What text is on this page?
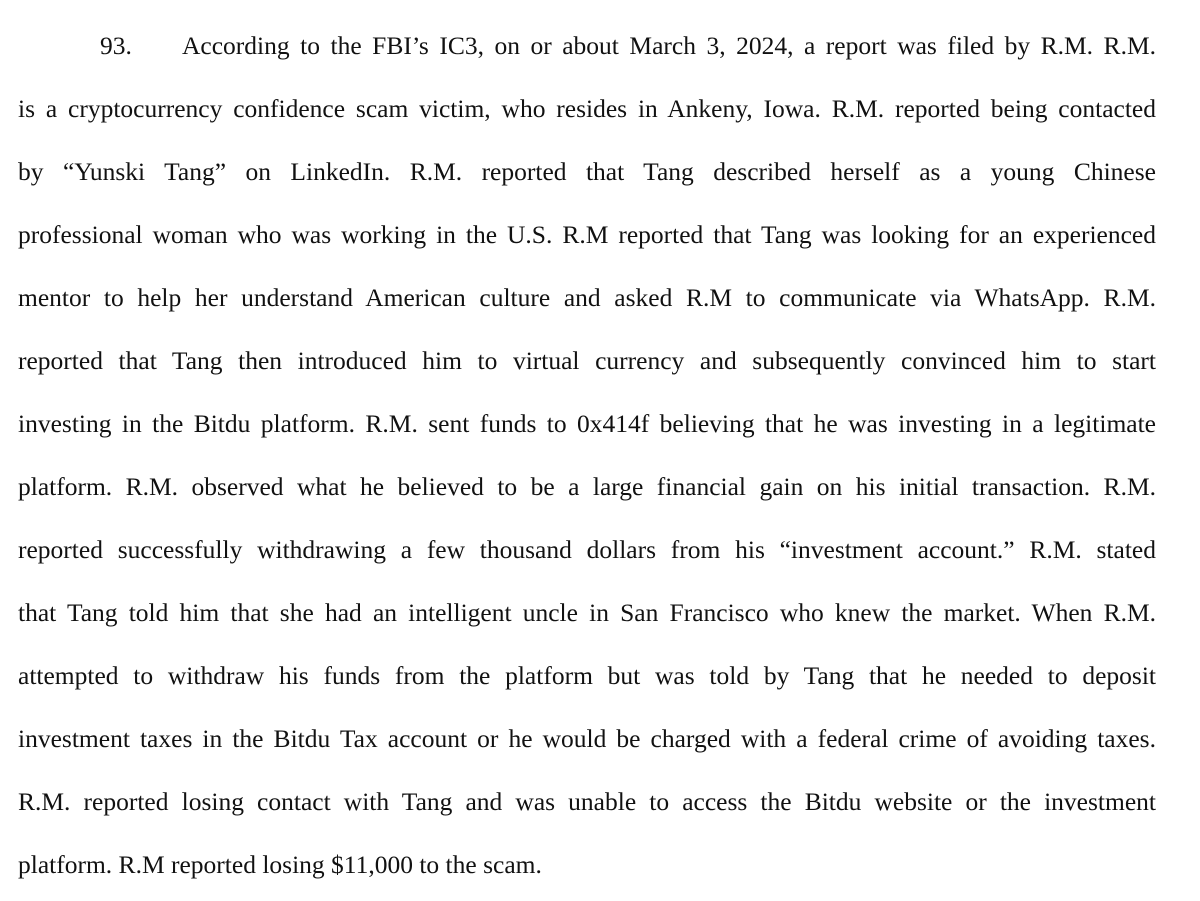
93. According to the FBI’s IC3, on or about March 3, 2024, a report was filed by R.M. R.M.
is a cryptocurrency confidence scam victim, who resides in Ankeny, Iowa. R.M. reported being contacted
by “Yunski Tang” on LinkedIn. R.M. reported that Tang described herself as a young Chinese
professional woman who was working in the U.S. R.M reported that Tang was looking for an experienced
mentor to help her understand American culture and asked R.M to communicate via WhatsApp. R.M.
reported that Tang then introduced him to virtual currency and subsequently convinced him to start
investing in the Bitdu platform. R.M. sent funds to 0x414f believing that he was investing in a legitimate
platform. R.M. observed what he believed to be a large financial gain on his initial transaction. R.M.
reported successfully withdrawing a few thousand dollars from his “investment account.” R.M. stated
that Tang told him that she had an intelligent uncle in San Francisco who knew the market. When R.M.
attempted to withdraw his funds from the platform but was told by Tang that he needed to deposit
investment taxes in the Bitdu Tax account or he would be charged with a federal crime of avoiding taxes.
R.M. reported losing contact with Tang and was unable to access the Bitdu website or the investment
platform. R.M reported losing $11,000 to the scam.
